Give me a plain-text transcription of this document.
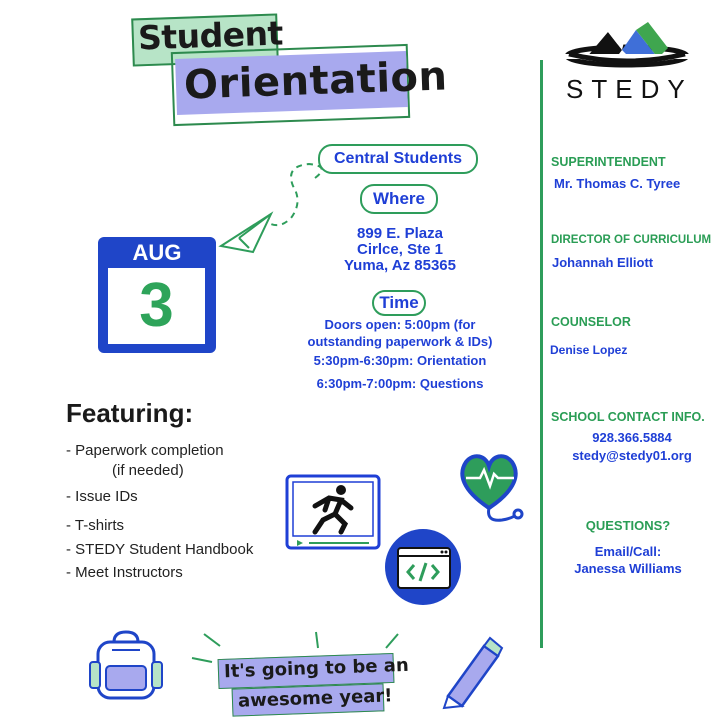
Student
Orientation	STEDY
AUG
3
Central Students
Where
899 E. Plaza
Cirlce, Ste 1
Yuma, Az 85365
Time
Doors open: 5:00pm (for
outstanding paperwork & IDs)
5:30pm-6:30pm: Orientation
6:30pm-7:00pm: Questions
SUPERINTENDENT
Mr. Thomas C. Tyree
DIRECTOR OF CURRICULUM
Johannah Elliott
COUNSELOR
Denise Lopez
SCHOOL CONTACT INFO.
928.366.5884
stedy@stedy01.org
QUESTIONS?
Email/Call:
Janessa Williams
Featuring:
- Paperwork completion
(if needed)
- Issue IDs
- T-shirts
- STEDY Student Handbook
- Meet Instructors
It's going to be an
awesome year!
